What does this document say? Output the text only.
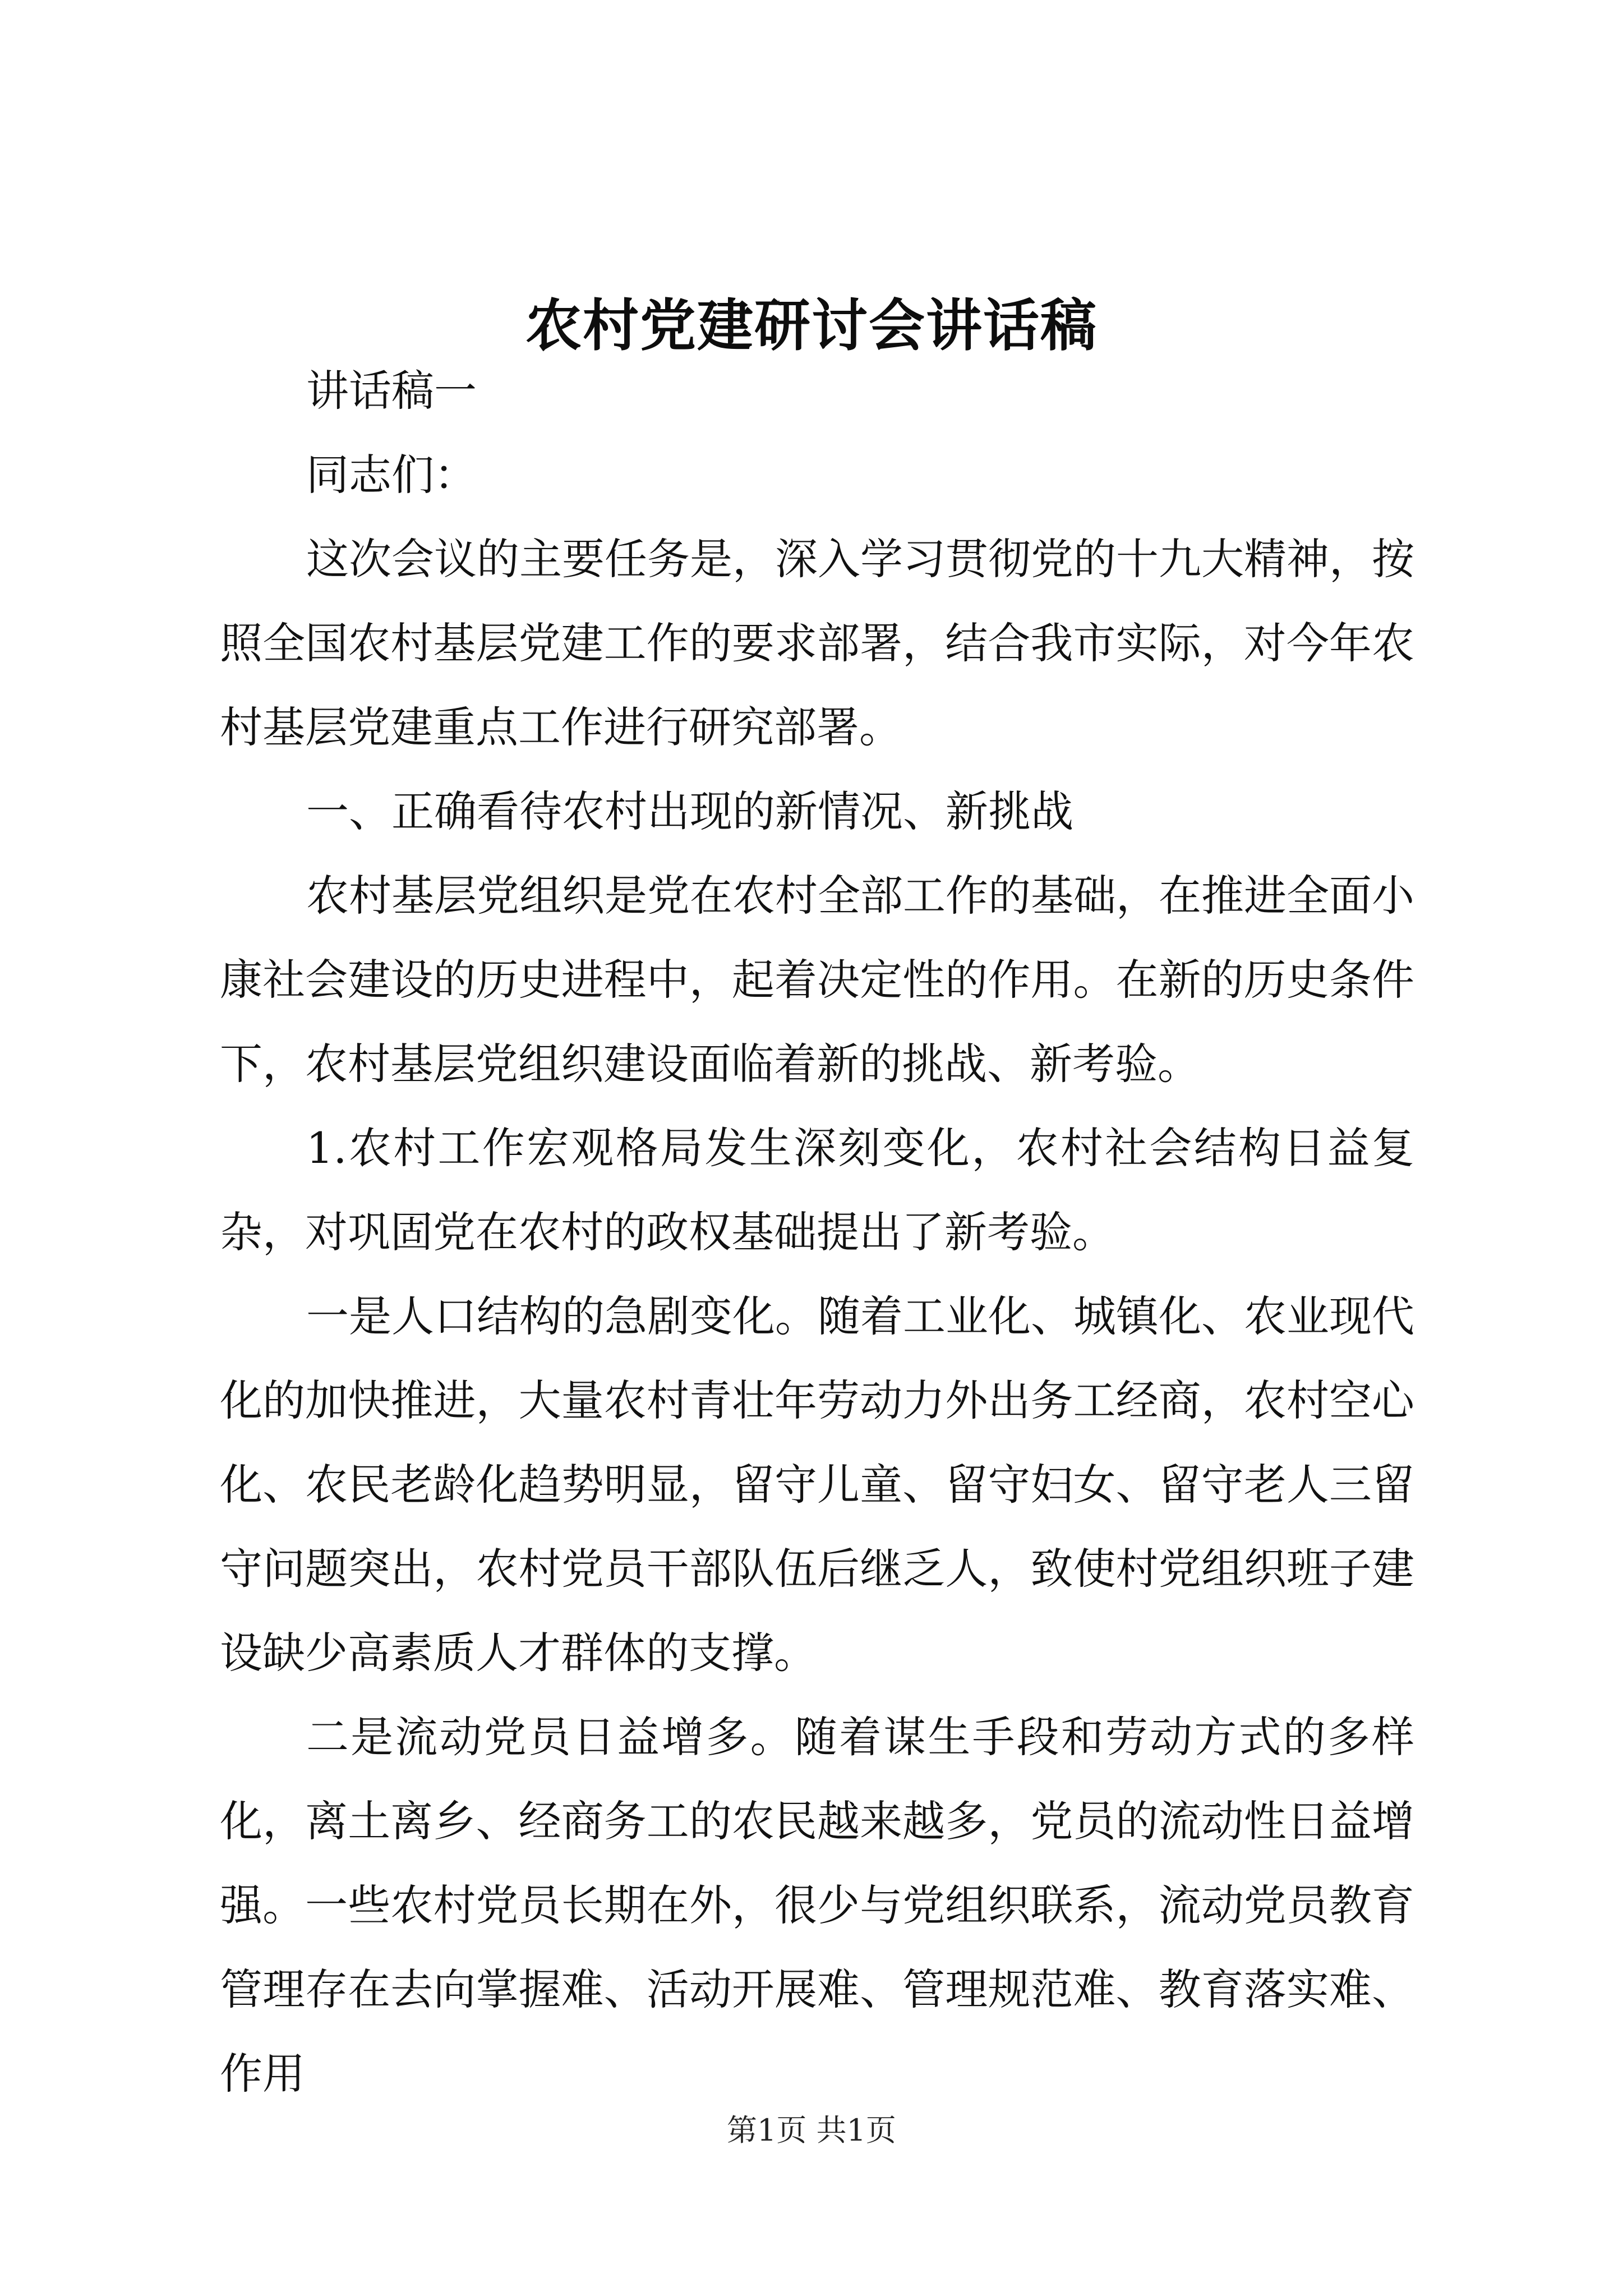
农村党建研讨会讲话稿

讲话稿一

同志们：

这次会议的主要任务是，深入学习贯彻党的十九大精神，按照全国农村基层党建工作的要求部署，结合我市实际，对今年农村基层党建重点工作进行研究部署。

一、正确看待农村出现的新情况、新挑战

农村基层党组织是党在农村全部工作的基础，在推进全面小康社会建设的历史进程中，起着决定性的作用。在新的历史条件下，农村基层党组织建设面临着新的挑战、新考验。

1.农村工作宏观格局发生深刻变化，农村社会结构日益复杂，对巩固党在农村的政权基础提出了新考验。

一是人口结构的急剧变化。随着工业化、城镇化、农业现代化的加快推进，大量农村青壮年劳动力外出务工经商，农村空心化、农民老龄化趋势明显，留守儿童、留守妇女、留守老人三留守问题突出，农村党员干部队伍后继乏人，致使村党组织班子建设缺少高素质人才群体的支撑。

二是流动党员日益增多。随着谋生手段和劳动方式的多样化，离土离乡、经商务工的农民越来越多，党员的流动性日益增强。一些农村党员长期在外，很少与党组织联系，流动党员教育管理存在去向掌握难、活动开展难、管理规范难、教育落实难、作用

第1页 共1页
